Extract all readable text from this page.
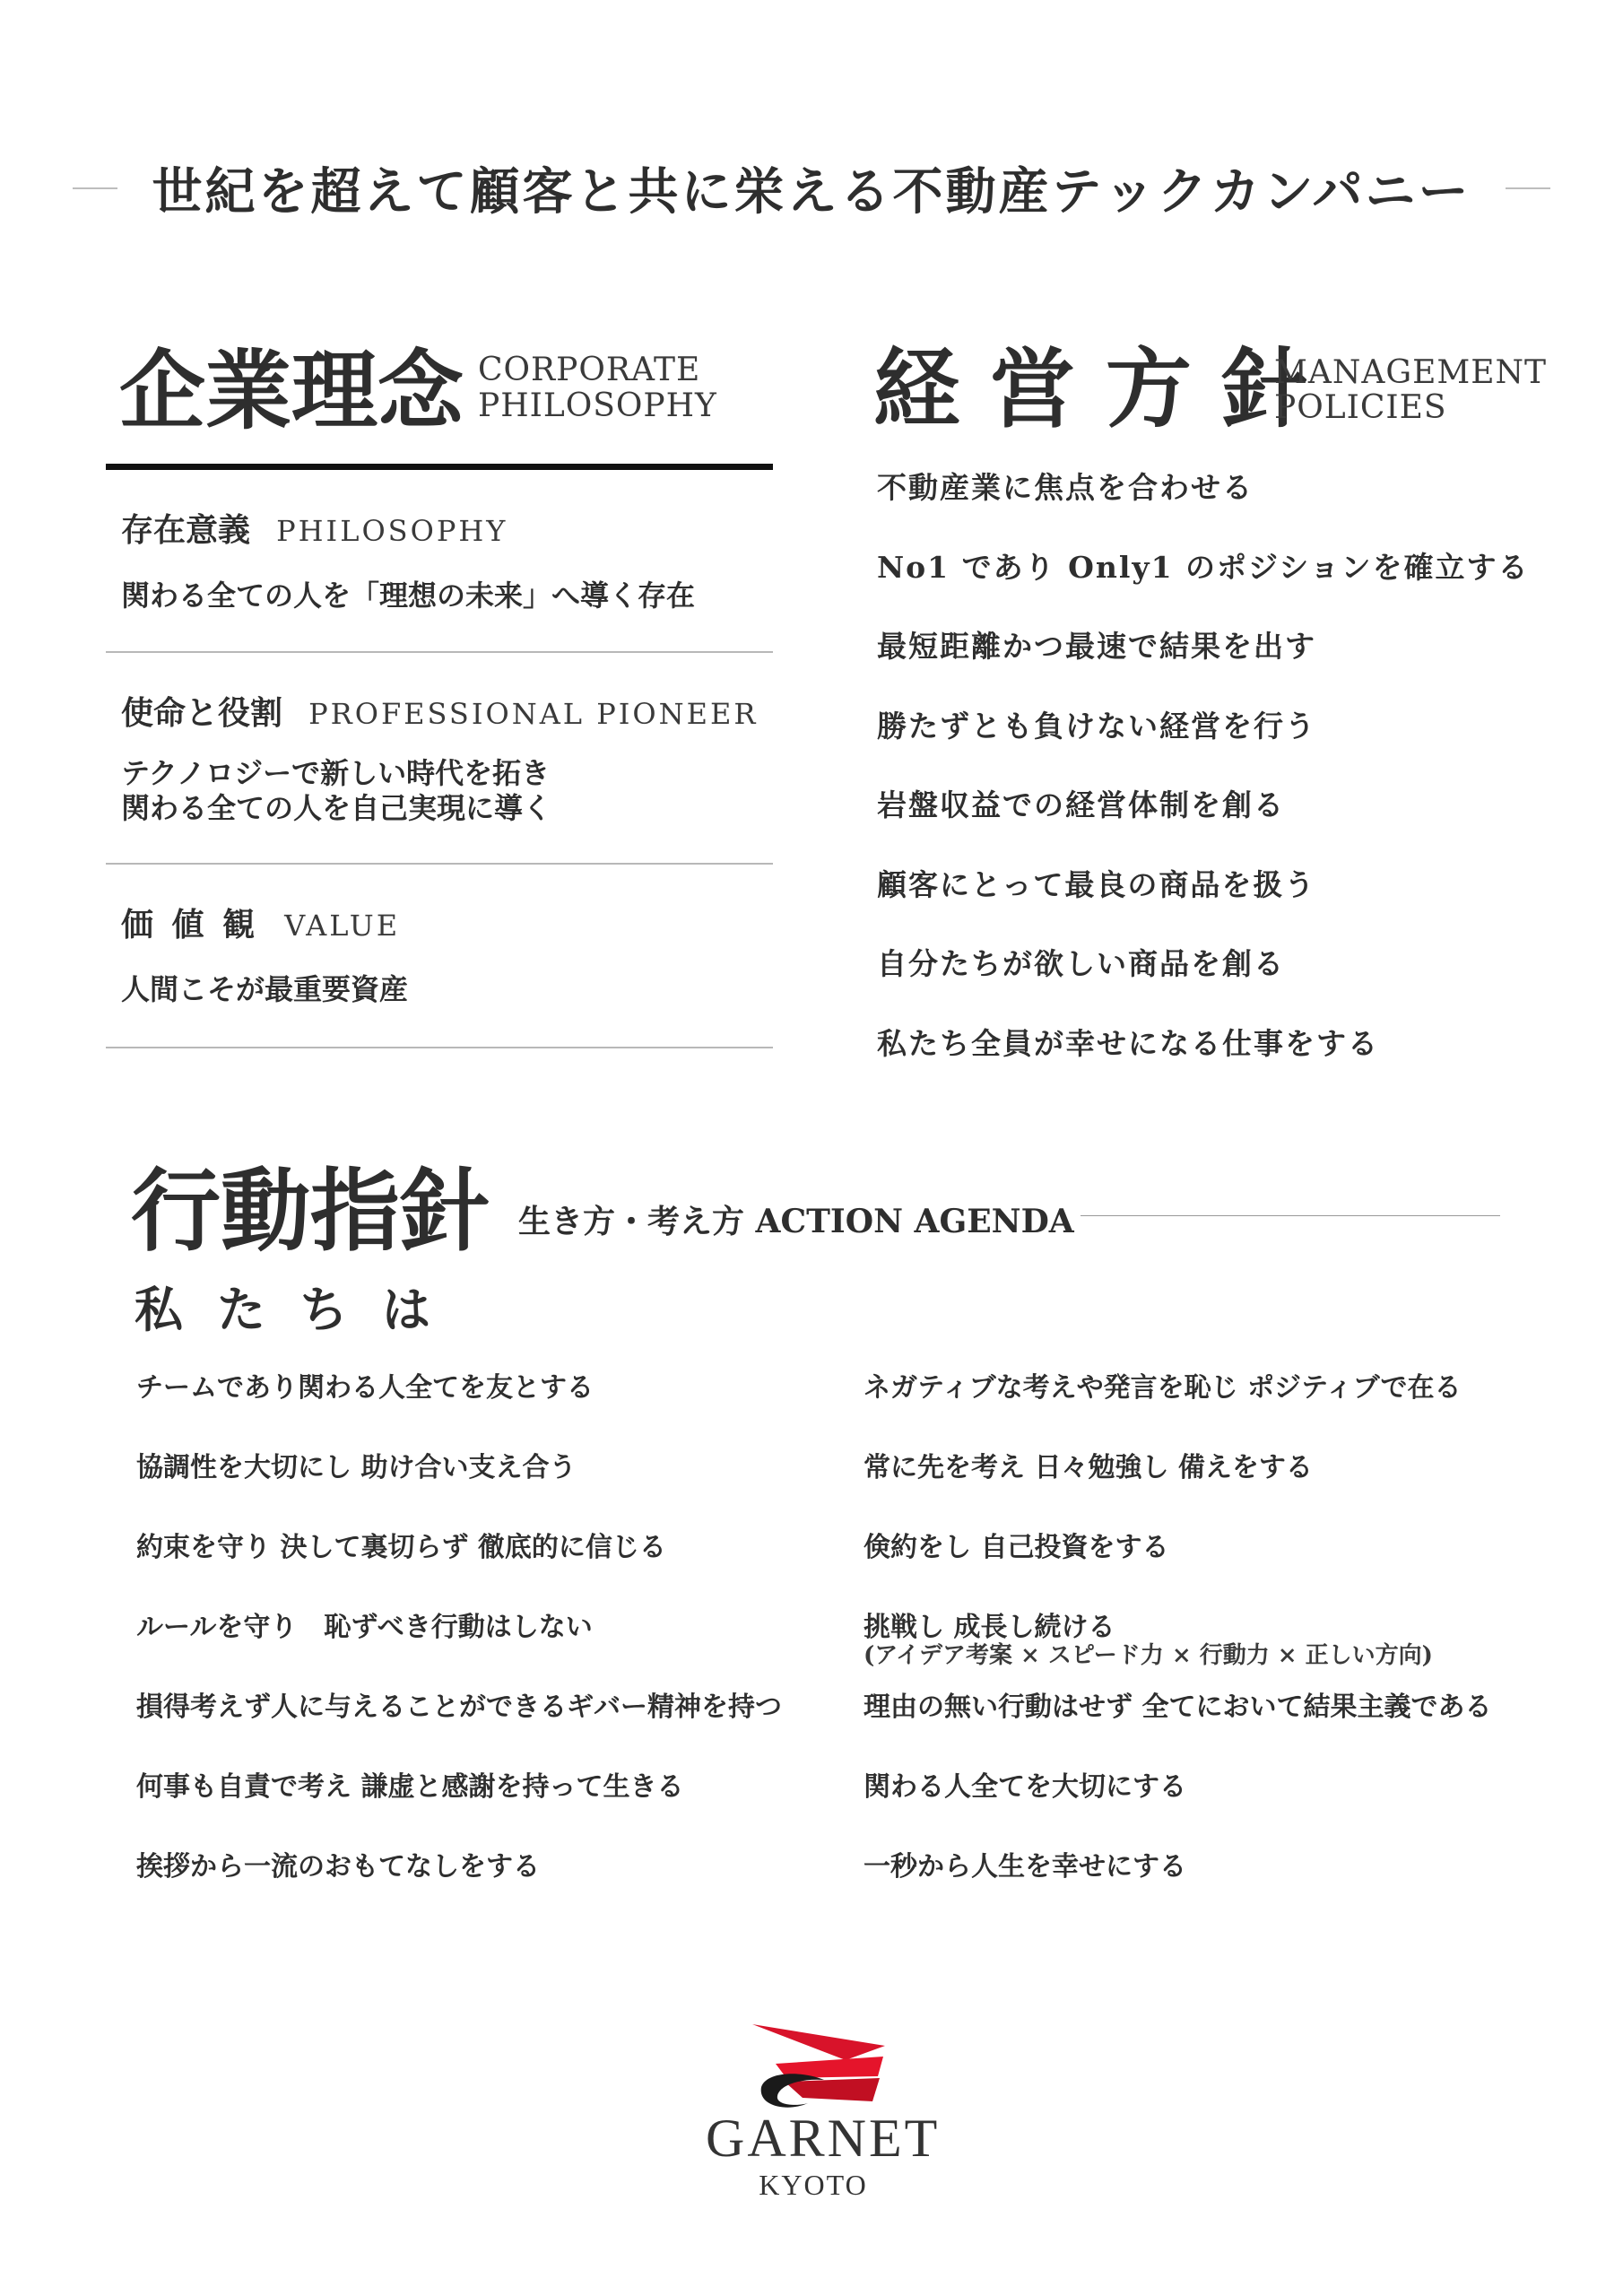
世紀を超えて顧客と共に栄える不動産テックカンパニー
企業理念 CORPORATE
PHILOSOPHY
存在意義 PHILOSOPHY
関わる全ての人を「理想の未来」へ導く存在
使命と役割 PROFESSIONAL PIONEER
テクノロジーで新しい時代を拓き
関わる全ての人を自己実現に導く
価 値 観 VALUE
人間こそが最重要資産
経 営 方 針
MANAGEMENT
POLICIES
不動産業に焦点を合わせる
No1 であり Only1 のポジションを確立する
最短距離かつ最速で結果を出す
勝たずとも負けない経営を行う
岩盤収益での経営体制を創る
顧客にとって最良の商品を扱う
自分たちが欲しい商品を創る
私たち全員が幸せになる仕事をする
行動指針 生き方・考え方 ACTION AGENDA
私たちは
チームであり関わる人全てを友とする
協調性を大切にし 助け合い支え合う
約束を守り 決して裏切らず 徹底的に信じる
ルールを守り　恥ずべき行動はしない
損得考えず人に与えることができるギバー精神を持つ
何事も自責で考え 謙虚と感謝を持って生きる
挨拶から一流のおもてなしをする
ネガティブな考えや発言を恥じ ポジティブで在る
常に先を考え 日々勉強し 備えをする
倹約をし 自己投資をする
挑戦し 成長し続ける
(アイデア考案 × スピード力 × 行動力 × 正しい方向)
理由の無い行動はせず 全てにおいて結果主義である
関わる人全てを大切にする
一秒から人生を幸せにする
GARNET
KYOTO
